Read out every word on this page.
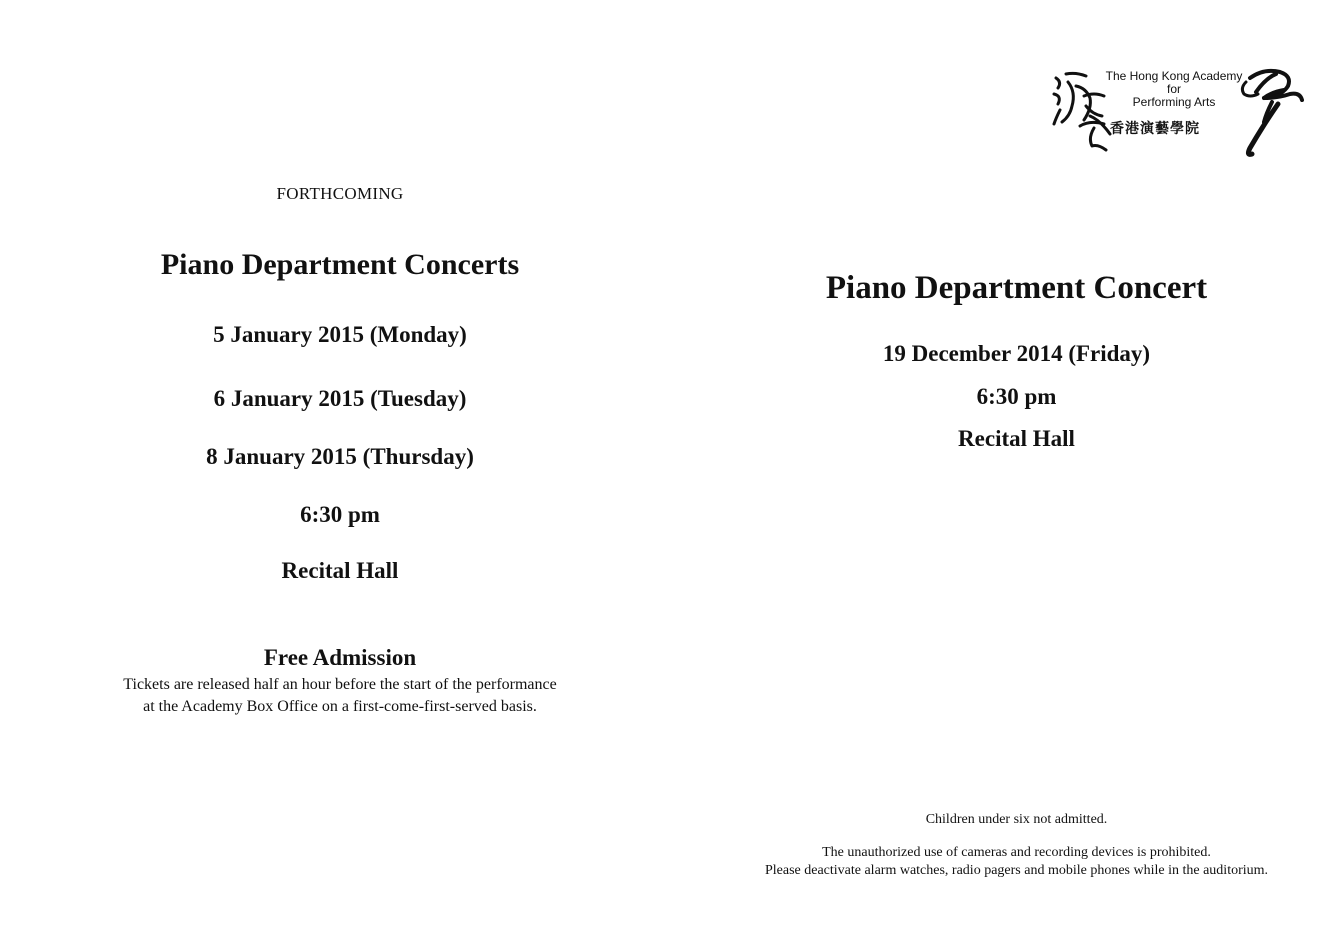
FORTHCOMING

Piano Department Concerts

5 January 2015 (Monday)

6 January 2015 (Tuesday)

8 January 2015 (Thursday)

6:30 pm

Recital Hall

Free Admission

Tickets are released half an hour before the start of the performance

at the Academy Box Office on a first-come-first-served basis.

The Hong Kong Academy
for
Performing Arts
香港演藝學院

Piano Department Concert

19 December 2014 (Friday)

6:30 pm

Recital Hall

Children under six not admitted.

The unauthorized use of cameras and recording devices is prohibited.

Please deactivate alarm watches, radio pagers and mobile phones while in the auditorium.
